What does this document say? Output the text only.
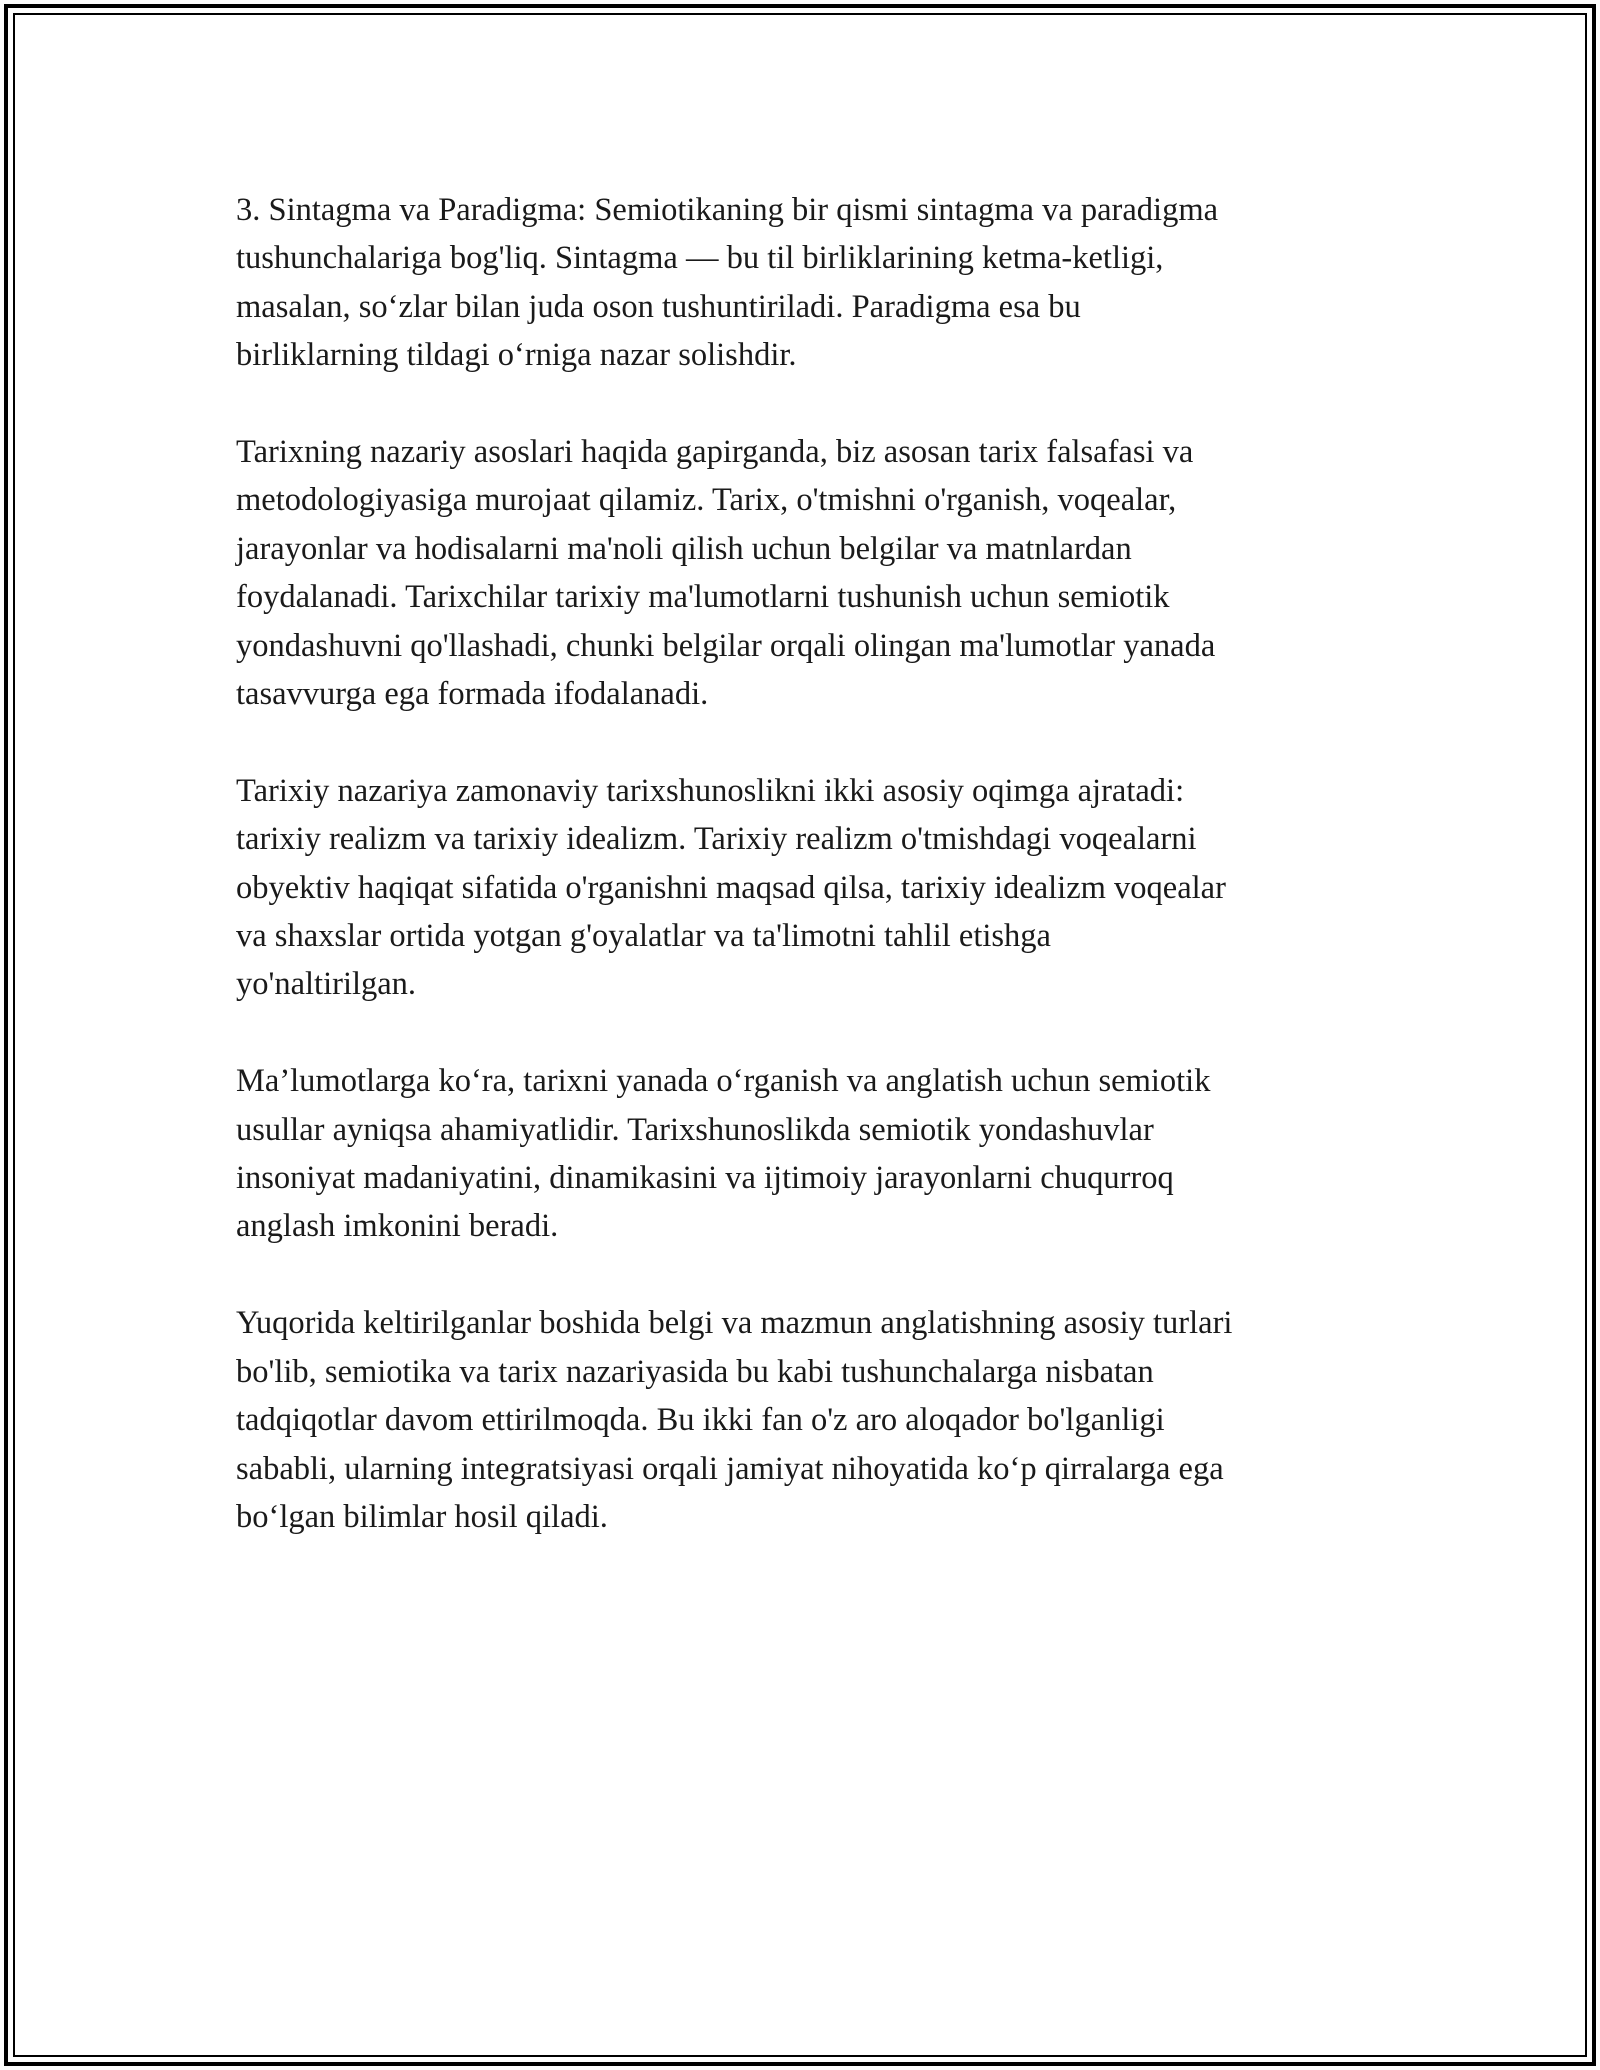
3. Sintagma va Paradigma: Semiotikaning bir qismi sintagma va paradigma
tushunchalariga bog'liq. Sintagma — bu til birliklarining ketma-ketligi,
masalan, so‘zlar bilan juda oson tushuntiriladi. Paradigma esa bu
birliklarning tildagi o‘rniga nazar solishdir.

Tarixning nazariy asoslari haqida gapirganda, biz asosan tarix falsafasi va
metodologiyasiga murojaat qilamiz. Tarix, o'tmishni o'rganish, voqealar,
jarayonlar va hodisalarni ma'noli qilish uchun belgilar va matnlardan
foydalanadi. Tarixchilar tarixiy ma'lumotlarni tushunish uchun semiotik
yondashuvni qo'llashadi, chunki belgilar orqali olingan ma'lumotlar yanada
tasavvurga ega formada ifodalanadi.

Tarixiy nazariya zamonaviy tarixshunoslikni ikki asosiy oqimga ajratadi:
tarixiy realizm va tarixiy idealizm. Tarixiy realizm o'tmishdagi voqealarni
obyektiv haqiqat sifatida o'rganishni maqsad qilsa, tarixiy idealizm voqealar
va shaxslar ortida yotgan g'oyalatlar va ta'limotni tahlil etishga
yo'naltirilgan.

Ma’lumotlarga ko‘ra, tarixni yanada o‘rganish va anglatish uchun semiotik
usullar ayniqsa ahamiyatlidir. Tarixshunoslikda semiotik yondashuvlar
insoniyat madaniyatini, dinamikasini va ijtimoiy jarayonlarni chuqurroq
anglash imkonini beradi.

Yuqorida keltirilganlar boshida belgi va mazmun anglatishning asosiy turlari
bo'lib, semiotika va tarix nazariyasida bu kabi tushunchalarga nisbatan
tadqiqotlar davom ettirilmoqda. Bu ikki fan o'z aro aloqador bo'lganligi
sababli, ularning integratsiyasi orqali jamiyat nihoyatida ko‘p qirralarga ega
bo‘lgan bilimlar hosil qiladi.
